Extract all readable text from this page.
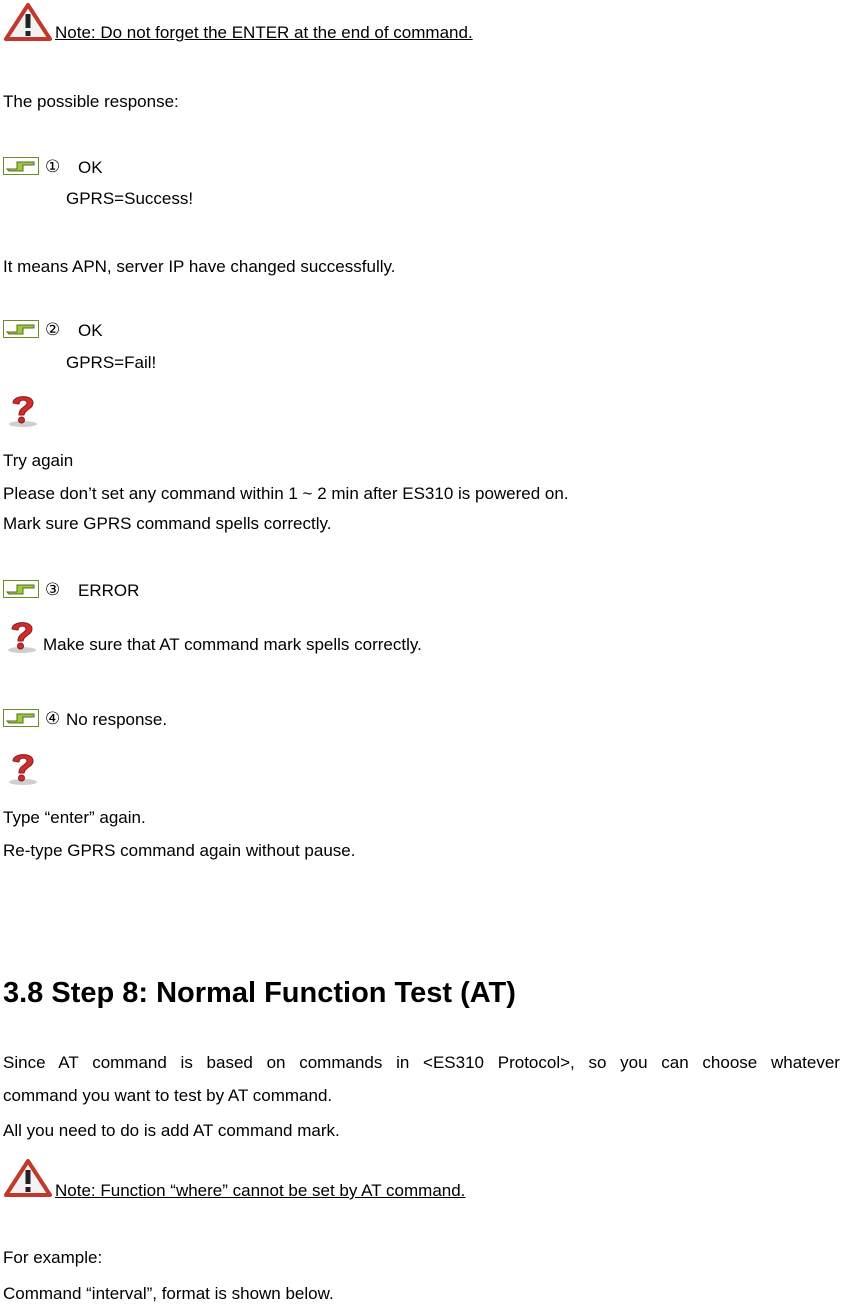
Note: Do not forget the ENTER at the end of command.
The possible response:
① OK
GPRS=Success!
It means APN, server IP have changed successfully.
② OK
GPRS=Fail!
Try again
Please don’t set any command within 1 ~ 2 min after ES310 is powered on.
Mark sure GPRS command spells correctly.
③ ERROR
Make sure that AT command mark spells correctly.
④ No response.
Type “enter” again.
Re-type GPRS command again without pause.
3.8 Step 8: Normal Function Test (AT)
Since AT command is based on commands in <ES310 Protocol>, so you can choose whatever
command you want to test by AT command.
All you need to do is add AT command mark.
Note: Function “where” cannot be set by AT command.
For example:
Command “interval”, format is shown below.
